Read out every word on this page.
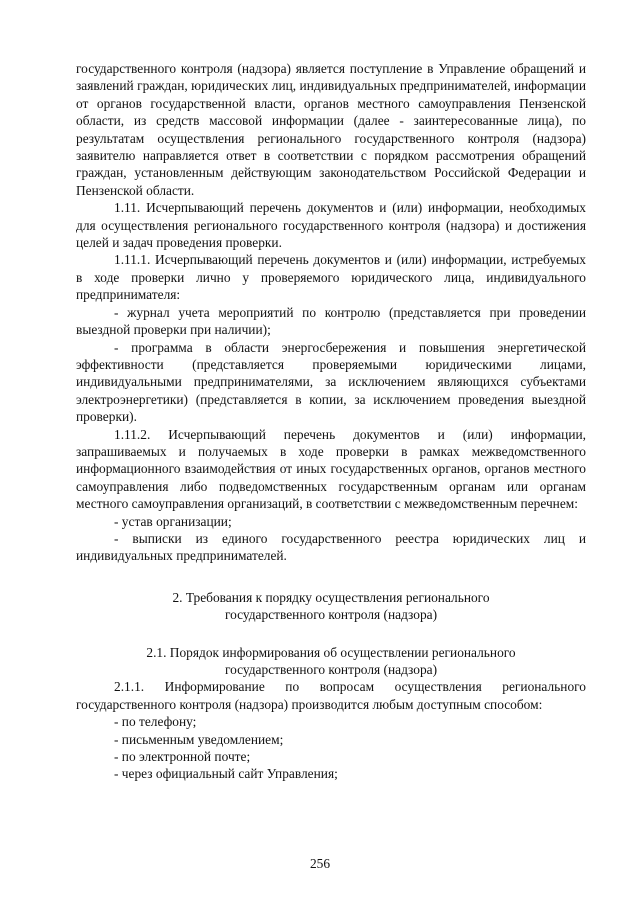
государственного контроля (надзора) является поступление в Управление обращений и заявлений граждан, юридических лиц, индивидуальных предпринимателей, информации от органов государственной власти, органов местного самоуправления Пензенской области, из средств массовой информации (далее - заинтересованные лица), по результатам осуществления регионального государственного контроля (надзора) заявителю направляется ответ в соответствии с порядком рассмотрения обращений граждан, установленным действующим законодательством Российской Федерации и Пензенской области.

1.11. Исчерпывающий перечень документов и (или) информации, необходимых для осуществления регионального государственного контроля (надзора) и достижения целей и задач проведения проверки.

1.11.1. Исчерпывающий перечень документов и (или) информации, истребуемых в ходе проверки лично у проверяемого юридического лица, индивидуального предпринимателя:

- журнал учета мероприятий по контролю (представляется при проведении выездной проверки при наличии);

- программа в области энергосбережения и повышения энергетической эффективности (представляется проверяемыми юридическими лицами, индивидуальными предпринимателями, за исключением являющихся субъектами электроэнергетики) (представляется в копии, за исключением проведения выездной проверки).

1.11.2. Исчерпывающий перечень документов и (или) информации, запрашиваемых и получаемых в ходе проверки в рамках межведомственного информационного взаимодействия от иных государственных органов, органов местного самоуправления либо подведомственных государственным органам или органам местного самоуправления организаций, в соответствии с межведомственным перечнем:

- устав организации;

- выписки из единого государственного реестра юридических лиц и индивидуальных предпринимателей.

2. Требования к порядку осуществления регионального
государственного контроля (надзора)

2.1. Порядок информирования об осуществлении регионального
государственного контроля (надзора)

2.1.1. Информирование по вопросам осуществления регионального государственного контроля (надзора) производится любым доступным способом:

- по телефону;

- письменным уведомлением;

- по электронной почте;

- через официальный сайт Управления;

256
